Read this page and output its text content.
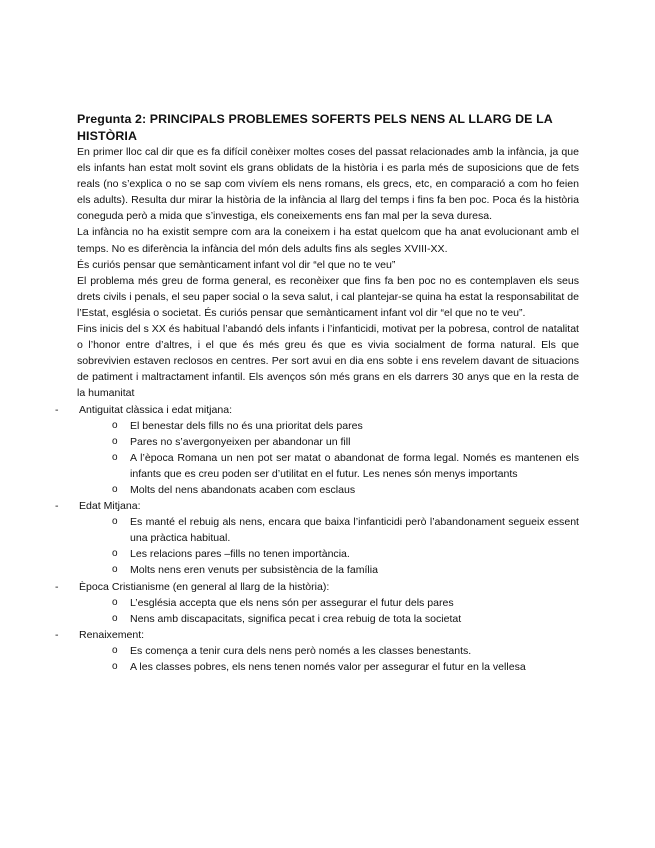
Pregunta 2: PRINCIPALS PROBLEMES SOFERTS PELS NENS AL LLARG DE LA HISTÒRIA

En primer lloc cal dir que es fa difícil conèixer moltes coses del passat relacionades amb la infància, ja que els infants han estat molt sovint els grans oblidats de la història i es parla més de suposicions que de fets reals (no s’explica o no se sap com vivíem els nens romans, els grecs, etc, en comparació a com ho feien els adults). Resulta dur mirar la història de la infància al llarg del temps i fins fa ben poc. Poca és la història coneguda però a mida que s’investiga, els coneixements ens fan mal per la seva duresa.

La infància no ha existit sempre com ara la coneixem i ha estat quelcom que ha anat evolucionant amb el temps. No es diferència la infància del món dels adults fins als segles XVIII-XX.

És curiós pensar que semànticament infant vol dir “el que no te veu”

El problema més greu de forma general, es reconèixer que fins fa ben poc no es contemplaven els seus drets civils i penals, el seu paper social o la seva salut, i cal plantejar-se quina ha estat la responsabilitat de l’Estat, església o societat. És curiós pensar que semànticament infant vol dir “el que no te veu”.

Fins inicis del s XX és habitual l’abandó dels infants i l’infanticidi, motivat per la pobresa, control de natalitat o l’honor entre d’altres, i el que és més greu és que es vivia socialment de forma natural. Els que sobrevivien estaven reclosos en centres. Per sort avui en dia ens sobte i ens revelem davant de situacions de patiment i maltractament infantil. Els avenços són més grans en els darrers 30 anys que en la resta de la humanitat

-	Antiguitat clàssica i edat mitjana:
o El benestar dels fills no és una prioritat dels pares
o Pares no s’avergonyeixen per abandonar un fill
o A l’època Romana un nen pot ser matat o abandonat de forma legal. Només es mantenen els infants que es creu poden ser d’utilitat en el futur. Les nenes són menys importants
o Molts del nens abandonats acaben com esclaus
-	Edat Mitjana:
o Es manté el rebuig als nens, encara que baixa l’infanticidi però l’abandonament segueix essent una pràctica habitual.
o Les relacions pares –fills no tenen importància.
o Molts nens eren venuts per subsistència de la família
-	Època Cristianisme (en general al llarg de la història):
o L’església accepta que els nens són per assegurar el futur dels pares
o Nens amb discapacitats, significa pecat i crea rebuig de tota la societat
-	Renaixement:
o Es comença a tenir cura dels nens però només a les classes benestants.
o A les classes pobres, els nens tenen només valor per assegurar el futur en la vellesa
